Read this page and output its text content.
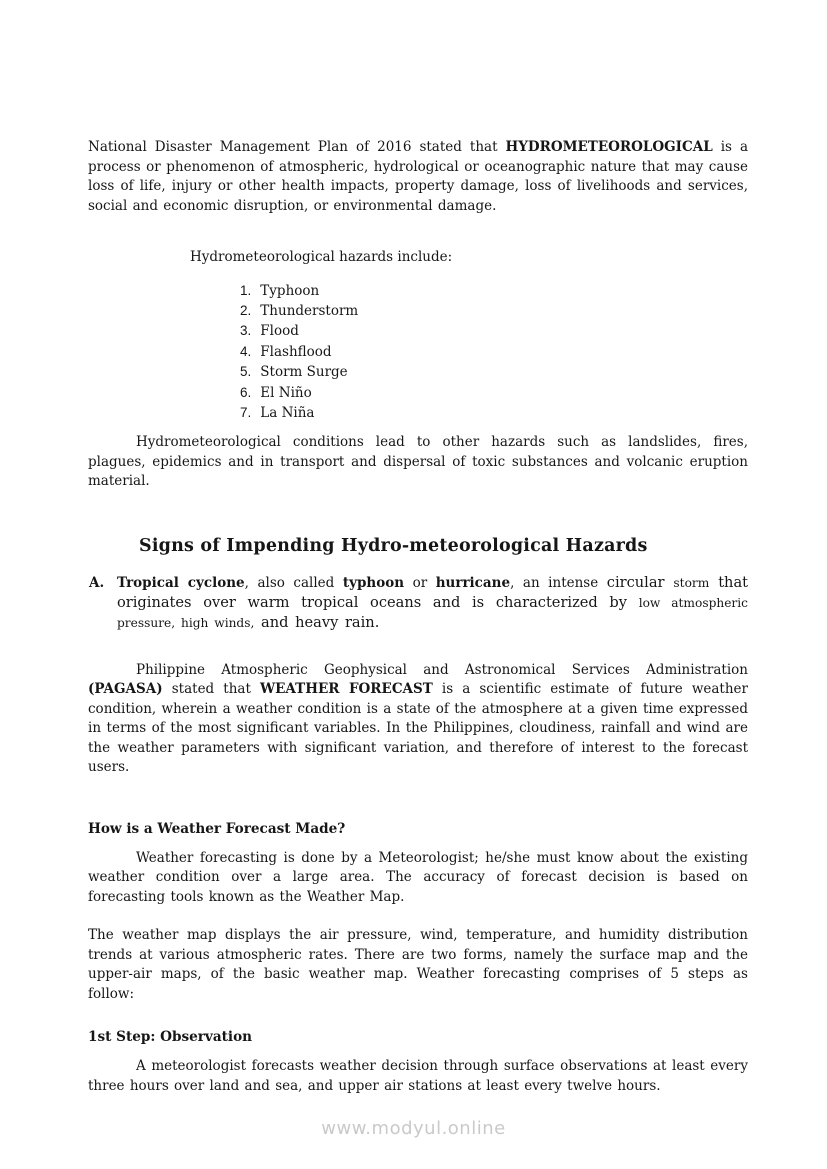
National Disaster Management Plan of 2016 stated that HYDROMETEOROLOGICAL is a process or phenomenon of atmospheric, hydrological or oceanographic nature that may cause loss of life, injury or other health impacts, property damage, loss of livelihoods and services, social and economic disruption, or environmental damage.

Hydrometeorological hazards include:

1. Typhoon
2. Thunderstorm
3. Flood
4. Flashflood
5. Storm Surge
6. El Niño
7. La Niña

Hydrometeorological conditions lead to other hazards such as landslides, fires, plagues, epidemics and in transport and dispersal of toxic substances and volcanic eruption material.

Signs of Impending Hydro-meteorological Hazards
A. Tropical cyclone, also called typhoon or hurricane, an intense circular storm that originates over warm tropical oceans and is characterized by low atmospheric pressure, high winds, and heavy rain.

Philippine Atmospheric Geophysical and Astronomical Services Administration (PAGASA) stated that WEATHER FORECAST is a scientific estimate of future weather condition, wherein a weather condition is a state of the atmosphere at a given time expressed in terms of the most significant variables. In the Philippines, cloudiness, rainfall and wind are the weather parameters with significant variation, and therefore of interest to the forecast users.

How is a Weather Forecast Made?

Weather forecasting is done by a Meteorologist; he/she must know about the existing weather condition over a large area. The accuracy of forecast decision is based on forecasting tools known as the Weather Map.

The weather map displays the air pressure, wind, temperature, and humidity distribution trends at various atmospheric rates. There are two forms, namely the surface map and the upper-air maps, of the basic weather map. Weather forecasting comprises of 5 steps as follow:

1st Step: Observation

A meteorologist forecasts weather decision through surface observations at least every three hours over land and sea, and upper air stations at least every twelve hours.

www.modyul.online
